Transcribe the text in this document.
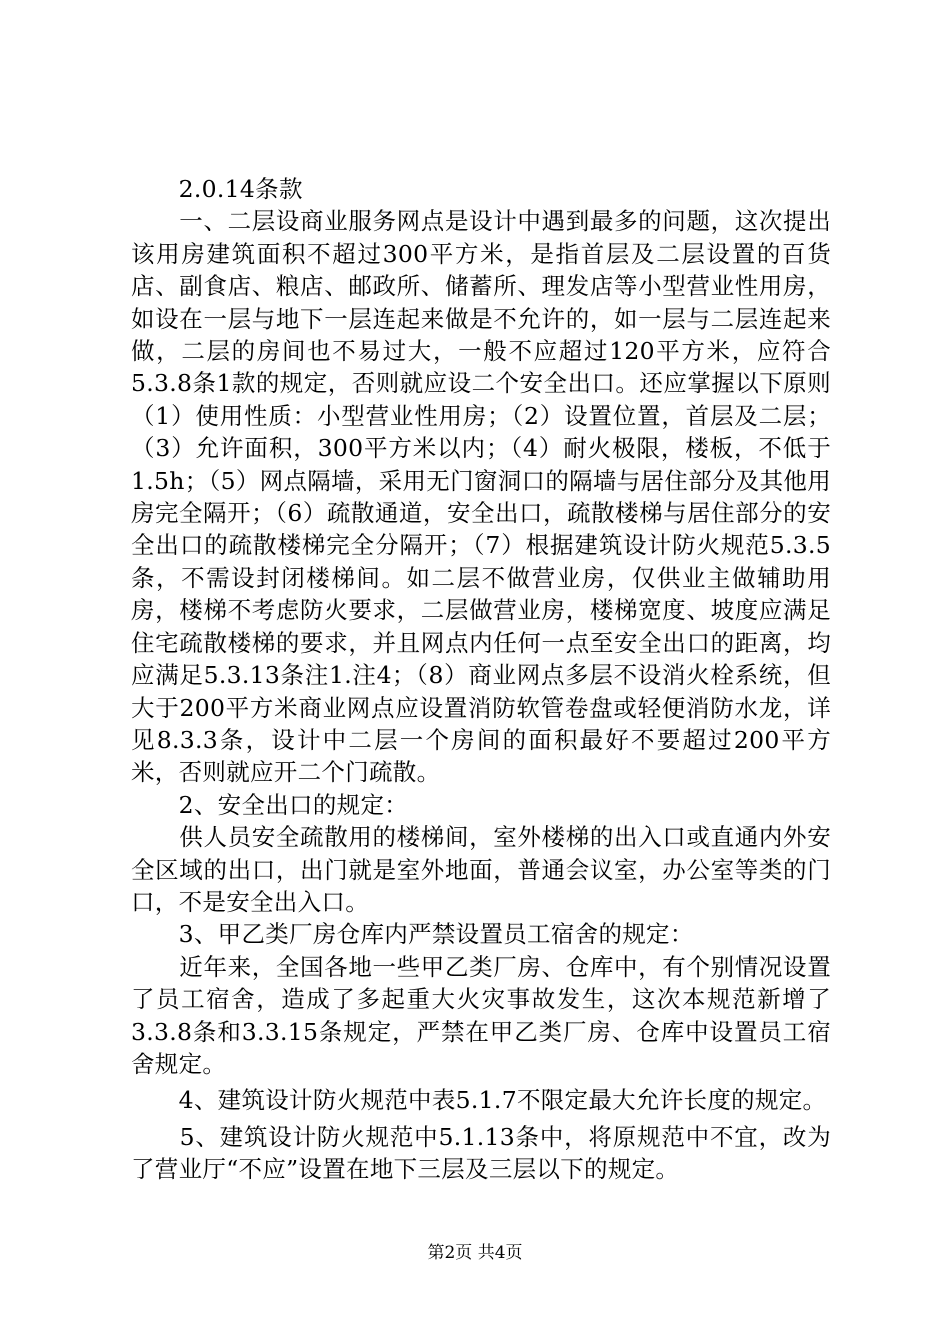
　　2.0.14条款

　　一、二层设商业服务网点是设计中遇到最多的问题，这次提出该用房建筑面积不超过300平方米，是指首层及二层设置的百货店、副食店、粮店、邮政所、储蓄所、理发店等小型营业性用房，如设在一层与地下一层连起来做是不允许的，如一层与二层连起来做，二层的房间也不易过大，一般不应超过120平方米，应符合5.3.8条1款的规定，否则就应设二个安全出口。还应掌握以下原则（1）使用性质：小型营业性用房；（2）设置位置，首层及二层；（3）允许面积，300平方米以内；（4）耐火极限，楼板，不低于1.5h；（5）网点隔墙，采用无门窗洞口的隔墙与居住部分及其他用房完全隔开；（6）疏散通道，安全出口，疏散楼梯与居住部分的安全出口的疏散楼梯完全分隔开；（7）根据建筑设计防火规范5.3.5条，不需设封闭楼梯间。如二层不做营业房，仅供业主做辅助用房，楼梯不考虑防火要求，二层做营业房，楼梯宽度、坡度应满足住宅疏散楼梯的要求，并且网点内任何一点至安全出口的距离，均应满足5.3.13条注1.注4；（8）商业网点多层不设消火栓系统，但大于200平方米商业网点应设置消防软管卷盘或轻便消防水龙，详见8.3.3条，设计中二层一个房间的面积最好不要超过200平方米，否则就应开二个门疏散。

　　2、安全出口的规定：

　　供人员安全疏散用的楼梯间，室外楼梯的出入口或直通内外安全区域的出口，出门就是室外地面，普通会议室，办公室等类的门口，不是安全出入口。

　　3、甲乙类厂房仓库内严禁设置员工宿舍的规定：

　　近年来，全国各地一些甲乙类厂房、仓库中，有个别情况设置了员工宿舍，造成了多起重大火灾事故发生，这次本规范新增了3.3.8条和3.3.15条规定，严禁在甲乙类厂房、仓库中设置员工宿舍规定。

　　4、建筑设计防火规范中表5.1.7不限定最大允许长度的规定。

　　5、建筑设计防火规范中5.1.13条中，将原规范中不宜，改为了营业厅“不应”设置在地下三层及三层以下的规定。

第2页 共4页
